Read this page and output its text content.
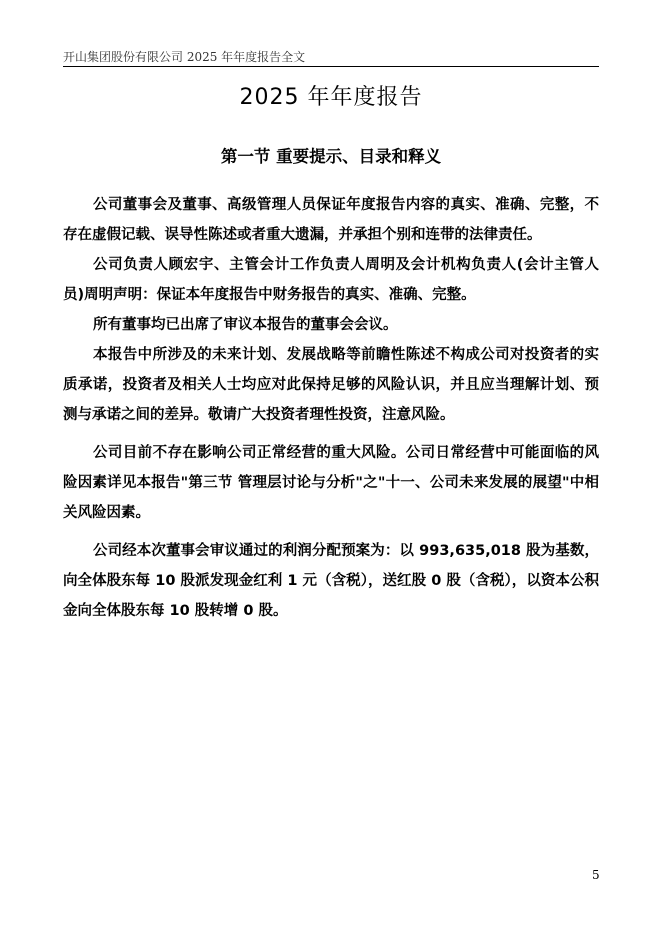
开山集团股份有限公司 2025 年年度报告全文
2025 年年度报告
第一节 重要提示、目录和释义

公司董事会及董事、高级管理人员保证年度报告内容的真实、准确、完整，不存在虚假记载、误导性陈述或者重大遗漏，并承担个别和连带的法律责任。

公司负责人顾宏宇、主管会计工作负责人周明及会计机构负责人(会计主管人员)周明声明：保证本年度报告中财务报告的真实、准确、完整。

所有董事均已出席了审议本报告的董事会会议。

本报告中所涉及的未来计划、发展战略等前瞻性陈述不构成公司对投资者的实质承诺，投资者及相关人士均应对此保持足够的风险认识，并且应当理解计划、预测与承诺之间的差异。敬请广大投资者理性投资，注意风险。

公司目前不存在影响公司正常经营的重大风险。公司日常经营中可能面临的风险因素详见本报告"第三节 管理层讨论与分析"之"十一、公司未来发展的展望"中相关风险因素。

公司经本次董事会审议通过的利润分配预案为：以 993,635,018 股为基数，向全体股东每 10 股派发现金红利 1 元（含税），送红股 0 股（含税），以资本公积金向全体股东每 10 股转增 0 股。

5
